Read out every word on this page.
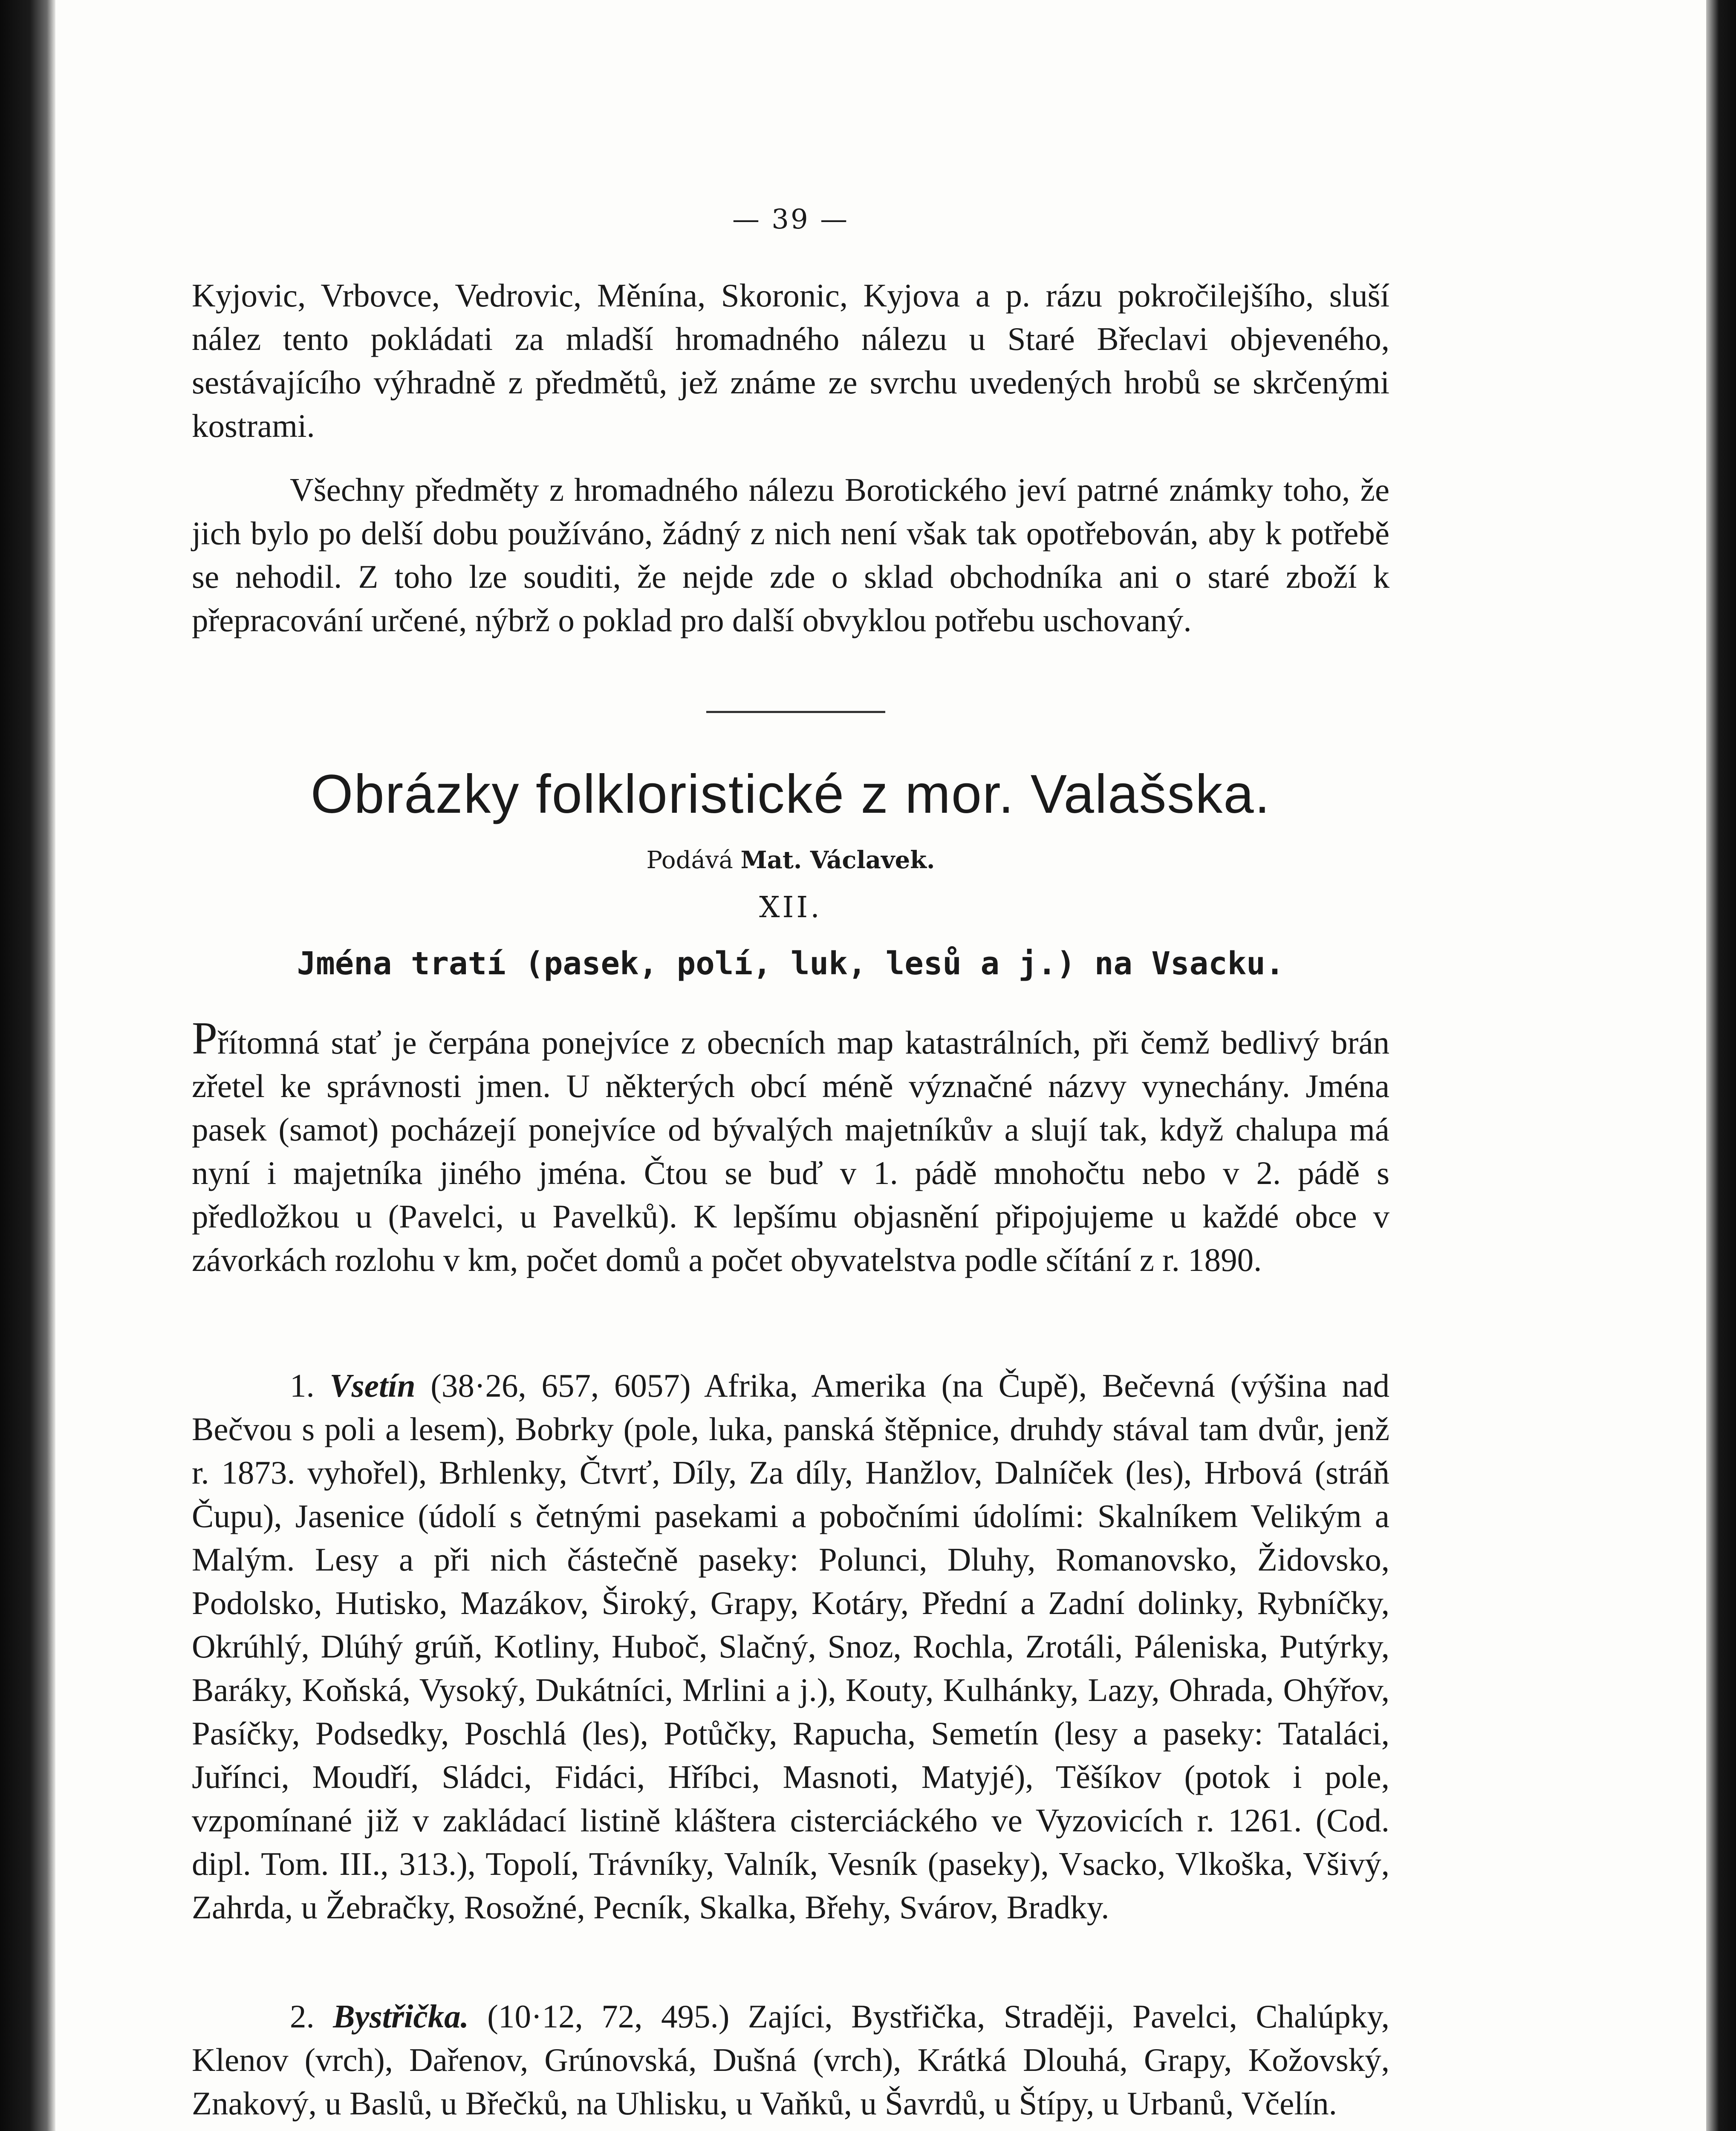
— 39 —

Kyjovic, Vrbovce, Vedrovic, Měnína, Skoronic, Kyjova a p. rázu pokročilejšího, sluší nález tento pokládati za mladší hromadného nálezu u Staré Břeclavi objeveného, sestávajícího výhradně z předmětů, jež známe ze svrchu uvedených hrobů se skrčenými kostrami.

Všechny předměty z hromadného nálezu Borotického jeví patrné známky toho, že jich bylo po delší dobu používáno, žádný z nich není však tak opotřebován, aby k potřebě se nehodil. Z toho lze souditi, že nejde zde o sklad obchodníka ani o staré zboží k přepracování určené, nýbrž o poklad pro další obvyklou potřebu uschovaný.

Obrázky folkloristické z mor. Valašska.
Podává Mat. Václavek.
XII.
Jména tratí (pasek, polí, luk, lesů a j.) na Vsacku.

Přítomná stať je čerpána ponejvíce z obecních map katastrálních, při čemž bedlivý brán zřetel ke správnosti jmen. U některých obcí méně význačné názvy vynechány. Jména pasek (samot) pocházejí ponejvíce od bývalých majetníkův a slují tak, když chalupa má nyní i majetníka jiného jména. Čtou se buď v 1. pádě mnohočtu nebo v 2. pádě s předložkou u (Pavelci, u Pavelků). K lepšímu objasnění připojujeme u každé obce v závorkách rozlohu v km, počet domů a počet obyvatelstva podle sčítání z r. 1890.

1. Vsetín (38·26, 657, 6057) Afrika, Amerika (na Čupě), Bečevná (výšina nad Bečvou s poli a lesem), Bobrky (pole, luka, panská štěpnice, druhdy stával tam dvůr, jenž r. 1873. vyhořel), Brhlenky, Čtvrť, Díly, Za díly, Hanžlov, Dalníček (les), Hrbová (stráň Čupu), Jasenice (údolí s četnými pasekami a pobočními údolími: Skalníkem Velikým a Malým. Lesy a při nich částečně paseky: Polunci, Dluhy, Romanovsko, Židovsko, Podolsko, Hutisko, Mazákov, Široký, Grapy, Kotáry, Přední a Zadní dolinky, Rybníčky, Okrúhlý, Dlúhý grúň, Kotliny, Huboč, Slačný, Snoz, Rochla, Zrotáli, Páleniska, Putýrky, Baráky, Koňská, Vysoký, Dukátníci, Mrlini a j.), Kouty, Kulhánky, Lazy, Ohrada, Ohýřov, Pasíčky, Podsedky, Poschlá (les), Potůčky, Rapucha, Semetín (lesy a paseky: Tataláci, Juřínci, Moudří, Sládci, Fidáci, Hříbci, Masnoti, Matyjé), Těšíkov (potok i pole, vzpomínané již v zakládací listině kláštera cisterciáckého ve Vyzovicích r. 1261. (Cod. dipl. Tom. III., 313.), Topolí, Trávníky, Valník, Vesník (paseky), Vsacko, Vlkoška, Všivý, Zahrda, u Žebračky, Rosožné, Pecník, Skalka, Břehy, Svárov, Bradky.

2. Bystřička. (10·12, 72, 495.) Zajíci, Bystřička, Straději, Pavelci, Chalúpky, Klenov (vrch), Dařenov, Grúnovská, Dušná (vrch), Krátká Dlouhá, Grapy, Kožovský, Znakový, u Baslů, u Břečků, na Uhlisku, u Vaňků, u Šavrdů, u Štípy, u Urbanů, Včelín.
